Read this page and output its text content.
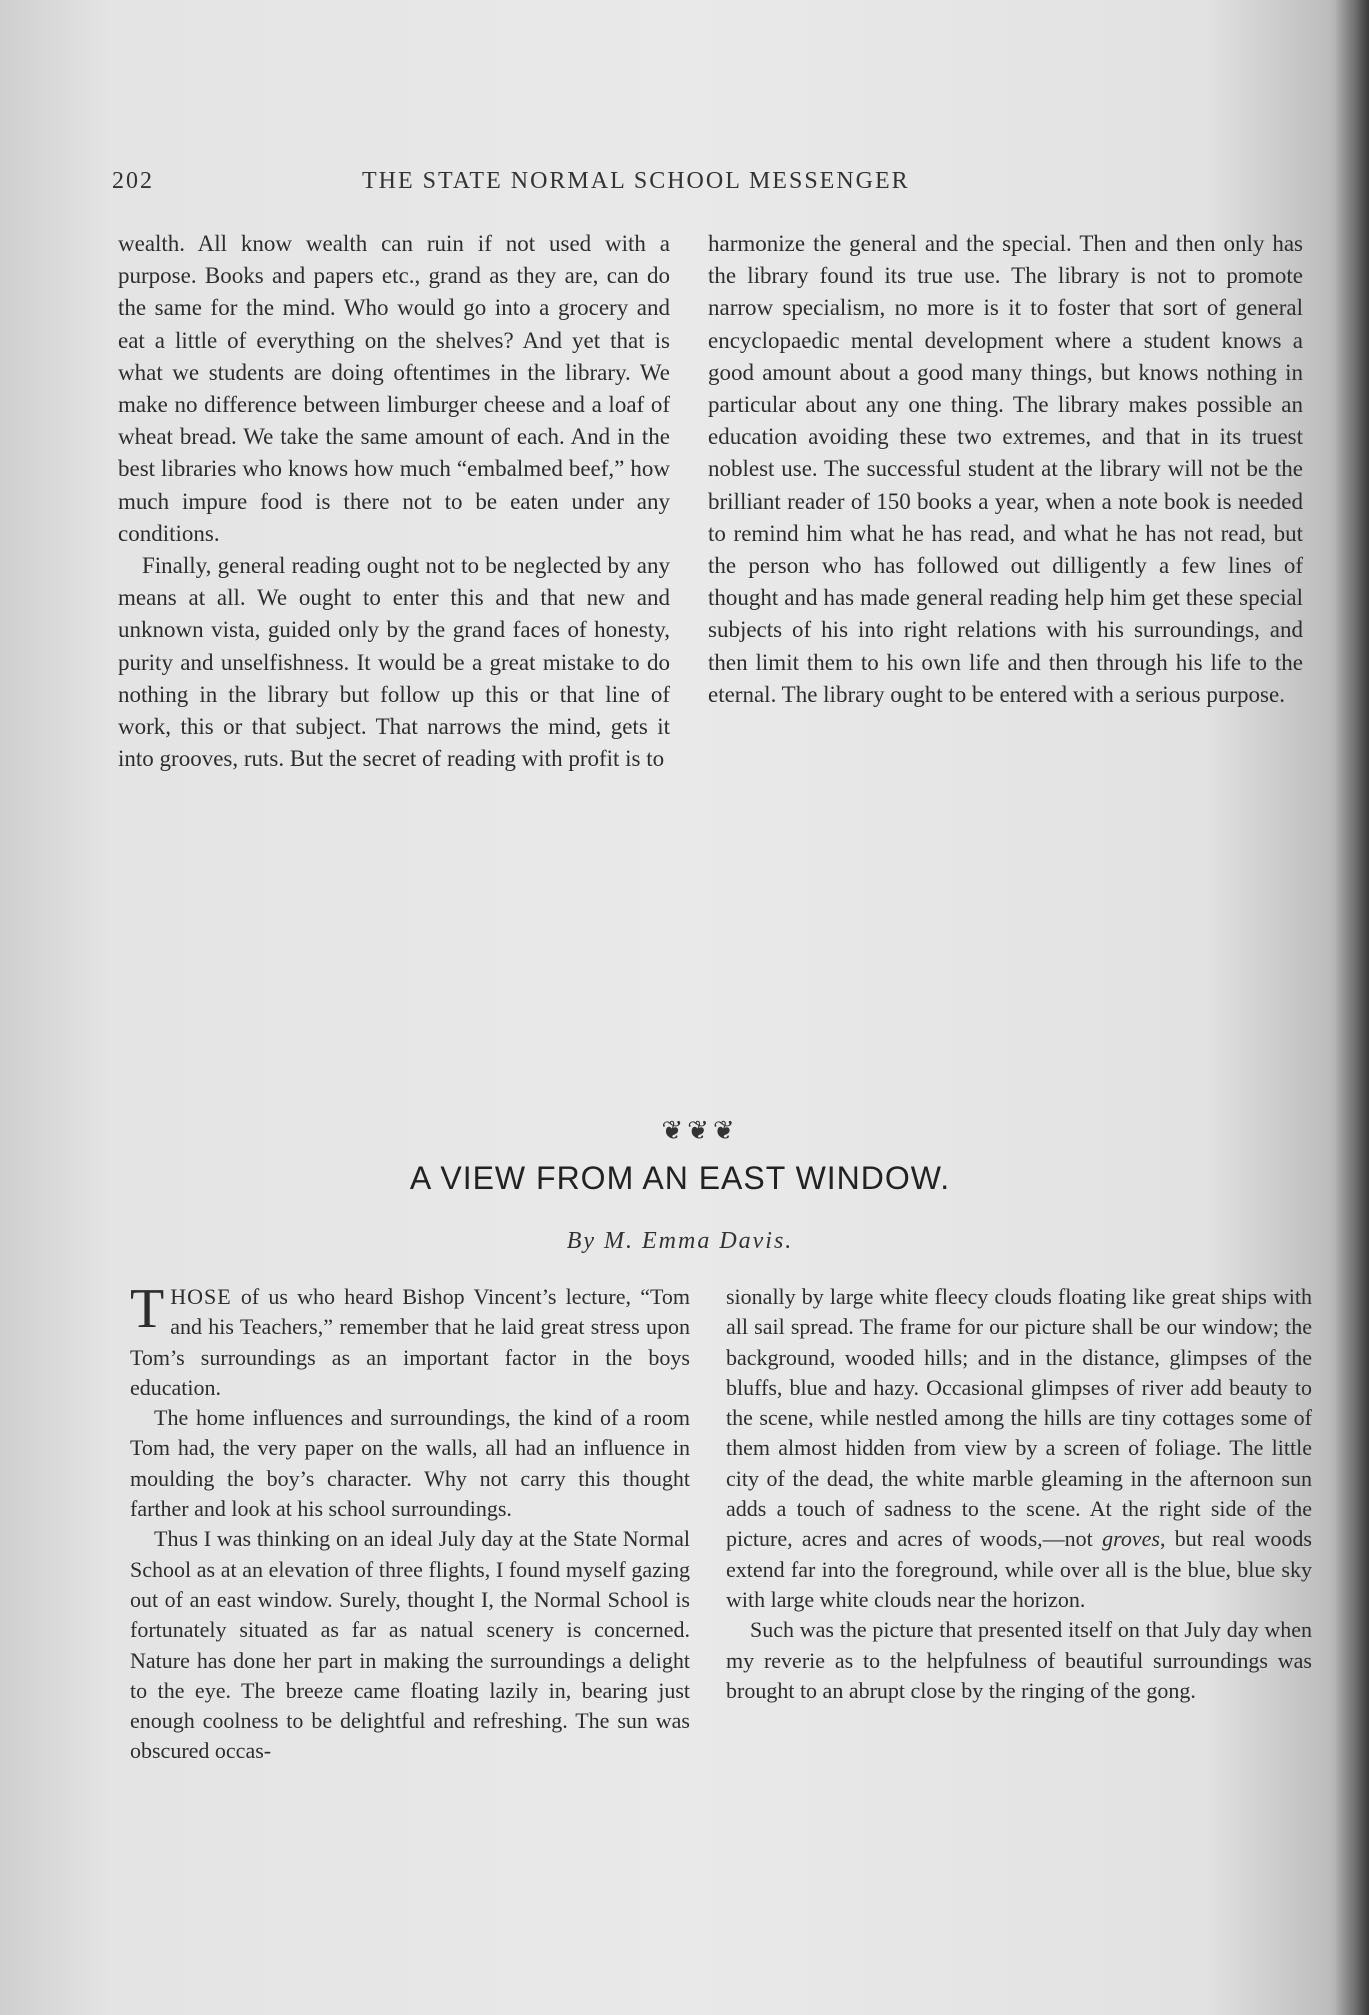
202	THE STATE NORMAL SCHOOL MESSENGER

wealth. All know wealth can ruin if not used with a purpose. Books and papers etc., grand as they are, can do the same for the mind. Who would go into a grocery and eat a little of everything on the shelves? And yet that is what we students are doing oftentimes in the library. We make no difference between limburger cheese and a loaf of wheat bread. We take the same amount of each. And in the best libraries who knows how much “embalmed beef,” how much impure food is there not to be eaten under any conditions.

Finally, general reading ought not to be neglected by any means at all. We ought to enter this and that new and unknown vista, guided only by the grand faces of honesty, purity and unselfishness. It would be a great mistake to do nothing in the library but follow up this or that line of work, this or that subject. That narrows the mind, gets it into grooves, ruts. But the secret of reading with profit is to

harmonize the general and the special. Then and then only has the library found its true use. The library is not to promote narrow specialism, no more is it to foster that sort of general encyclopaedic mental development where a student knows a good amount about a good many things, but knows nothing in particular about any one thing. The library makes possible an education avoiding these two extremes, and that in its truest noblest use. The successful student at the library will not be the brilliant reader of 150 books a year, when a note book is needed to remind him what he has read, and what he has not read, but the person who has followed out dilligently a few lines of thought and has made general reading help him get these special subjects of his into right relations with his surroundings, and then limit them to his own life and then through his life to the eternal. The library ought to be entered with a serious purpose.

❦❦❦
A VIEW FROM AN EAST WINDOW.
By M. Emma Davis.

THOSE of us who heard Bishop Vincent’s lecture, “Tom and his Teachers,” remember that he laid great stress upon Tom’s surroundings as an important factor in the boys education.

The home influences and surroundings, the kind of a room Tom had, the very paper on the walls, all had an influence in moulding the boy’s character. Why not carry this thought farther and look at his school surroundings.

Thus I was thinking on an ideal July day at the State Normal School as at an elevation of three flights, I found myself gazing out of an east window. Surely, thought I, the Normal School is fortunately situated as far as natual scenery is concerned. Nature has done her part in making the surroundings a delight to the eye. The breeze came floating lazily in, bearing just enough coolness to be delightful and refreshing. The sun was obscured occas-

sionally by large white fleecy clouds floating like great ships with all sail spread. The frame for our picture shall be our window; the background, wooded hills; and in the distance, glimpses of the bluffs, blue and hazy. Occasional glimpses of river add beauty to the scene, while nestled among the hills are tiny cottages some of them almost hidden from view by a screen of foliage. The little city of the dead, the white marble gleaming in the afternoon sun adds a touch of sadness to the scene. At the right side of the picture, acres and acres of woods,—not groves, but real woods extend far into the foreground, while over all is the blue, blue sky with large white clouds near the horizon.

Such was the picture that presented itself on that July day when my reverie as to the helpfulness of beautiful surroundings was brought to an abrupt close by the ringing of the gong.
